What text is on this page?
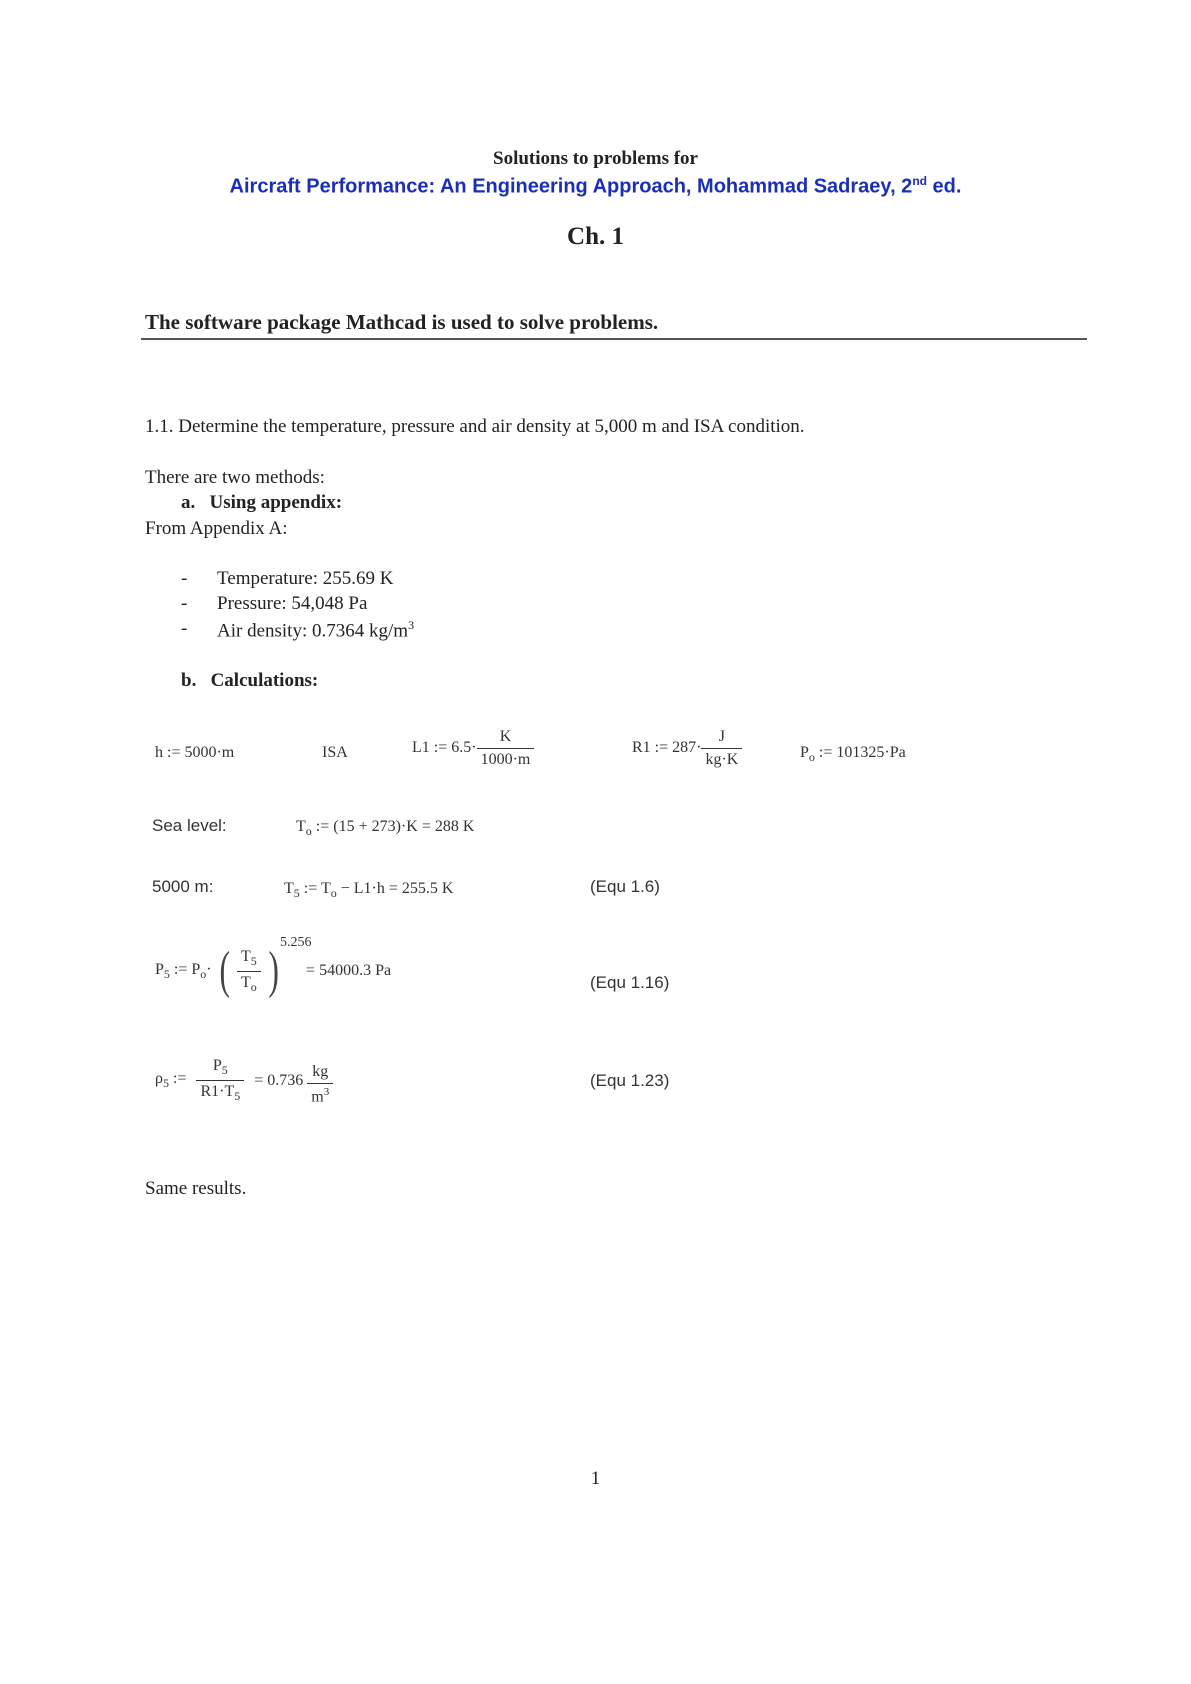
Solutions to problems for
Aircraft Performance: An Engineering Approach, Mohammad Sadraey, 2nd ed.
Ch. 1
The software package Mathcad is used to solve problems.
1.1. Determine the temperature, pressure and air density at 5,000 m and ISA condition.
There are two methods:
a. Using appendix:
From Appendix A:
- Temperature: 255.69 K
- Pressure: 54,048 Pa
- Air density: 0.7364 $kg/m^3$
b. Calculations:
h := 5000·m	ISA	L1 := $6.5\cdot \frac{K}{1000\cdot m}$	R1 := $287\cdot \frac{J}{kg\cdot K}$	$P_o$ := 101325·Pa
Sea level:	$T_o$ := (15 + 273)·K = 288 K
5000 m:	$T_5$ := $T_o - L1\cdot h = 255.5$ K	(Equ 1.6)
$P_5$ := $P_o\cdot$ ( $\frac{T_5}{T_o}$ ) 5.256
= 54000.3 Pa
(Equ 1.16)
$\rho_5$ := $\frac{P_5}{R1\cdot T_5} = 0.736 \frac{kg}{m^3}$	(Equ 1.23)
Same results.
1
